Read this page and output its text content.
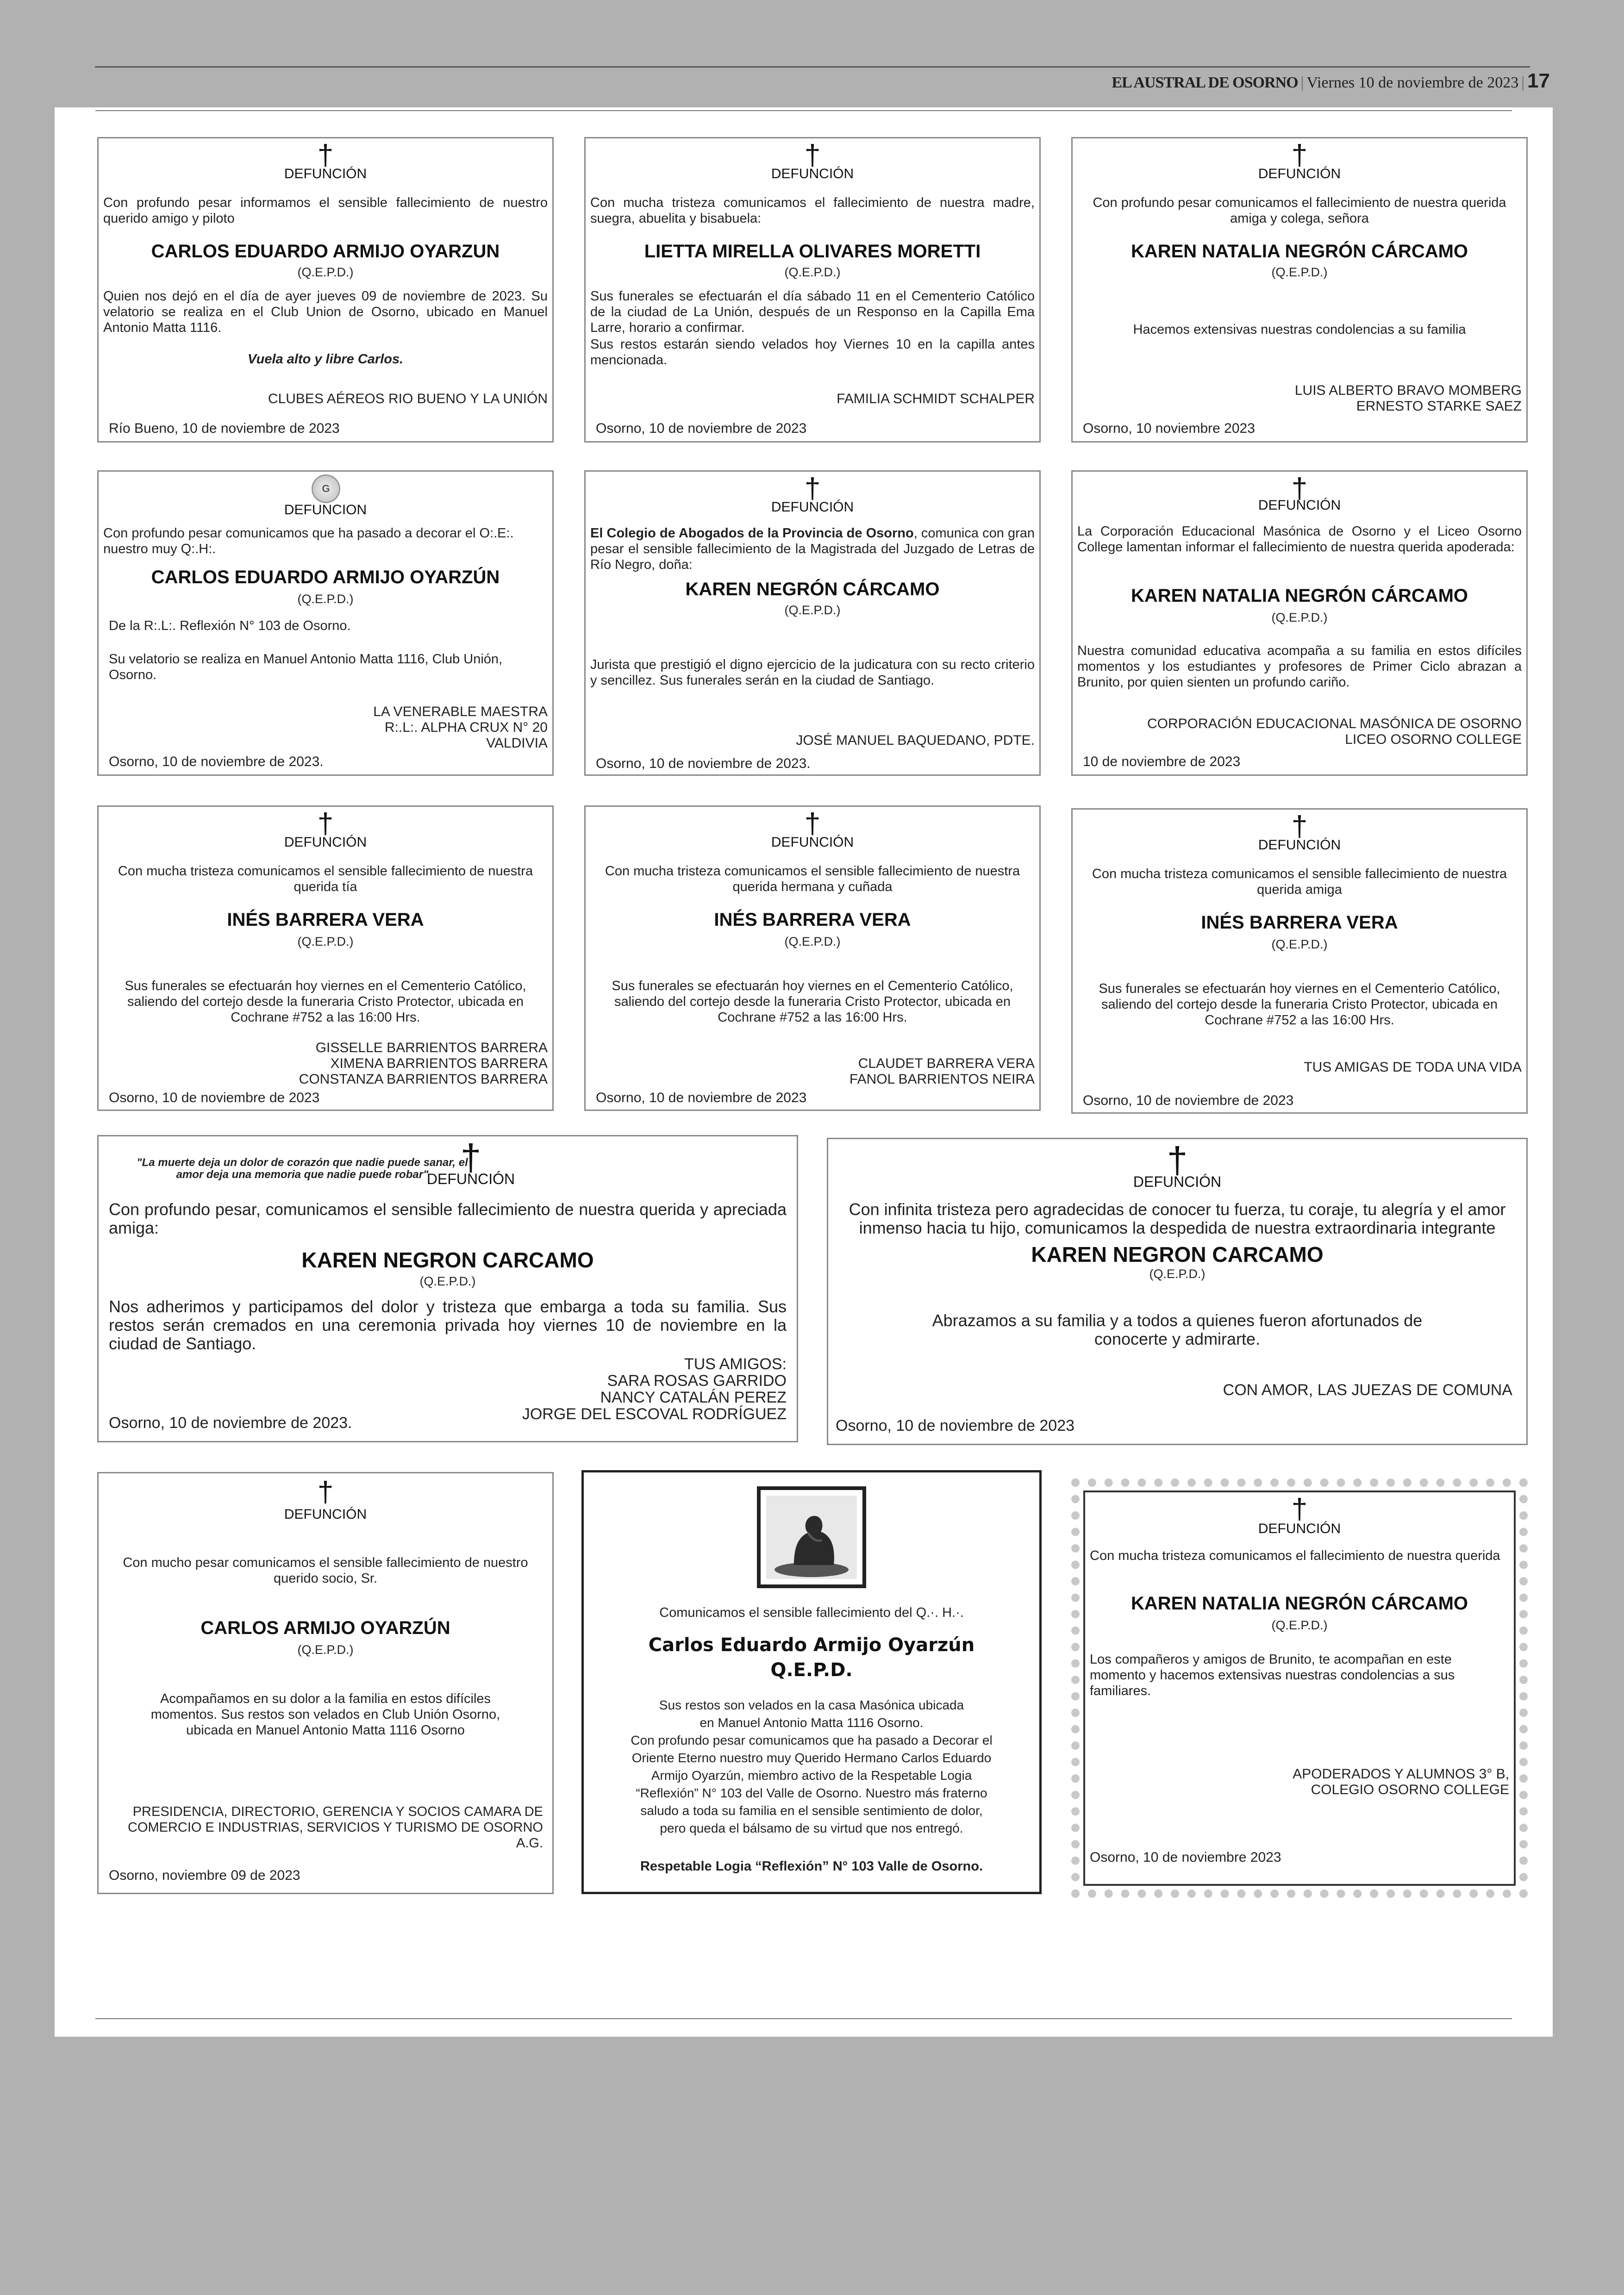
EL AUSTRAL DE OSORNO | Viernes 10 de noviembre de 2023 | 17
†
DEFUNCIÓN
Con profundo pesar informamos el sensible fallecimiento de nuestro querido amigo y piloto
CARLOS EDUARDO ARMIJO OYARZUN
(Q.E.P.D.)
Quien nos dejó en el día de ayer jueves 09 de noviembre de 2023. Su velatorio se realiza en el Club Union de Osorno, ubicado en Manuel Antonio Matta 1116.
Vuela alto y libre Carlos.
CLUBES AÉREOS RIO BUENO Y LA UNIÓN
Río Bueno, 10 de noviembre de 2023
†
DEFUNCIÓN
Con mucha tristeza comunicamos el fallecimiento de nuestra madre, suegra, abuelita y bisabuela:
LIETTA MIRELLA OLIVARES MORETTI
(Q.E.P.D.)
Sus funerales se efectuarán el día sábado 11 en el Cementerio Católico de la ciudad de La Unión, después de un Responso en la Capilla Ema Larre, horario a confirmar.
Sus restos estarán siendo velados hoy Viernes 10 en la capilla antes mencionada.
FAMILIA SCHMIDT SCHALPER
Osorno, 10 de noviembre de 2023
†
DEFUNCIÓN
Con profundo pesar comunicamos el fallecimiento de nuestra querida amiga y colega, señora
KAREN NATALIA NEGRÓN CÁRCAMO
(Q.E.P.D.)
Hacemos extensivas nuestras condolencias a su familia
LUIS ALBERTO BRAVO MOMBERG
ERNESTO STARKE SAEZ
Osorno, 10 noviembre 2023
G
DEFUNCION
Con profundo pesar comunicamos que ha pasado a decorar el O:.E:. nuestro muy Q:.H:.
CARLOS EDUARDO ARMIJO OYARZÚN
(Q.E.P.D.)
De la R:.L:. Reflexión N° 103 de Osorno.
Su velatorio se realiza en Manuel Antonio Matta 1116, Club Unión, Osorno.
LA VENERABLE MAESTRA
R:.L:. ALPHA CRUX N° 20
VALDIVIA
Osorno, 10 de noviembre de 2023.
†
DEFUNCIÓN
El Colegio de Abogados de la Provincia de Osorno, comunica con gran pesar el sensible fallecimiento de la Magistrada del Juzgado de Letras de Río Negro, doña:
KAREN NEGRÓN CÁRCAMO
(Q.E.P.D.)
Jurista que prestigió el digno ejercicio de la judicatura con su recto criterio y sencillez. Sus funerales serán en la ciudad de Santiago.
JOSÉ MANUEL BAQUEDANO, PDTE.
Osorno, 10 de noviembre de 2023.
†
DEFUNCIÓN
La Corporación Educacional Masónica de Osorno y el Liceo Osorno College lamentan informar el fallecimiento de nuestra querida apoderada:
KAREN NATALIA NEGRÓN CÁRCAMO
(Q.E.P.D.)
Nuestra comunidad educativa acompaña a su familia en estos difíciles momentos y los estudiantes y profesores de Primer Ciclo abrazan a Brunito, por quien sienten un profundo cariño.
CORPORACIÓN EDUCACIONAL MASÓNICA DE OSORNO
LICEO OSORNO COLLEGE
10 de noviembre de 2023
†
DEFUNCIÓN
Con mucha tristeza comunicamos el sensible fallecimiento de nuestra querida tía
INÉS BARRERA VERA
(Q.E.P.D.)
Sus funerales se efectuarán hoy viernes en el Cementerio Católico, saliendo del cortejo desde la funeraria Cristo Protector, ubicada en Cochrane #752 a las 16:00 Hrs.
GISSELLE BARRIENTOS BARRERA
XIMENA BARRIENTOS BARRERA
CONSTANZA BARRIENTOS BARRERA
Osorno, 10 de noviembre de 2023
†
DEFUNCIÓN
Con mucha tristeza comunicamos el sensible fallecimiento de nuestra querida hermana y cuñada
INÉS BARRERA VERA
(Q.E.P.D.)
Sus funerales se efectuarán hoy viernes en el Cementerio Católico, saliendo del cortejo desde la funeraria Cristo Protector, ubicada en Cochrane #752 a las 16:00 Hrs.
CLAUDET BARRERA VERA
FANOL BARRIENTOS NEIRA
Osorno, 10 de noviembre de 2023
†
DEFUNCIÓN
Con mucha tristeza comunicamos el sensible fallecimiento de nuestra querida amiga
INÉS BARRERA VERA
(Q.E.P.D.)
Sus funerales se efectuarán hoy viernes en el Cementerio Católico, saliendo del cortejo desde la funeraria Cristo Protector, ubicada en Cochrane #752 a las 16:00 Hrs.
TUS AMIGAS DE TODA UNA VIDA
Osorno, 10 de noviembre de 2023
"La muerte deja un dolor de corazón que nadie puede sanar, el amor deja una memoria que nadie puede robar" †
DEFUNCIÓN
Con profundo pesar, comunicamos el sensible fallecimiento de nuestra querida y apreciada amiga:
KAREN NEGRON CARCAMO
(Q.E.P.D.)
Nos adherimos y participamos del dolor y tristeza que embarga a toda su familia. Sus restos serán cremados en una ceremonia privada hoy viernes 10 de noviembre en la ciudad de Santiago.
TUS AMIGOS:
SARA ROSAS GARRIDO
NANCY CATALÁN PEREZ
JORGE DEL ESCOVAL RODRÍGUEZ
Osorno, 10 de noviembre de 2023.
†
DEFUNCIÓN
Con infinita tristeza pero agradecidas de conocer tu fuerza, tu coraje, tu alegría y el amor inmenso hacia tu hijo, comunicamos la despedida de nuestra extraordinaria integrante
KAREN NEGRON CARCAMO
(Q.E.P.D.)
Abrazamos a su familia y a todos a quienes fueron afortunados de conocerte y admirarte.
CON AMOR, LAS JUEZAS DE COMUNA
Osorno, 10 de noviembre de 2023
†
DEFUNCIÓN
Con mucho pesar comunicamos el sensible fallecimiento de nuestro querido socio, Sr.
CARLOS ARMIJO OYARZÚN
(Q.E.P.D.)
Acompañamos en su dolor a la familia en estos difíciles momentos. Sus restos son velados en Club Unión Osorno, ubicada en Manuel Antonio Matta 1116 Osorno
PRESIDENCIA, DIRECTORIO, GERENCIA Y SOCIOS CAMARA DE COMERCIO E INDUSTRIAS, SERVICIOS Y TURISMO DE OSORNO A.G.
Osorno, noviembre 09 de 2023
Comunicamos el sensible fallecimiento del Q.·. H.·.
Carlos Eduardo Armijo Oyarzún
Q.E.P.D.
Sus restos son velados en la casa Masónica ubicada
en Manuel Antonio Matta 1116 Osorno.
Con profundo pesar comunicamos que ha pasado a Decorar el
Oriente Eterno nuestro muy Querido Hermano Carlos Eduardo
Armijo Oyarzún, miembro activo de la Respetable Logia
“Reflexión” N° 103 del Valle de Osorno. Nuestro más fraterno
saludo a toda su familia en el sensible sentimiento de dolor,
pero queda el bálsamo de su virtud que nos entregó.
Respetable Logia “Reflexión” N° 103 Valle de Osorno.
†
DEFUNCIÓN
Con mucha tristeza comunicamos el fallecimiento de nuestra querida
KAREN NATALIA NEGRÓN CÁRCAMO
(Q.E.P.D.)
Los compañeros y amigos de Brunito, te acompañan en este momento y hacemos extensivas nuestras condolencias a sus familiares.
APODERADOS Y ALUMNOS 3° B,
COLEGIO OSORNO COLLEGE
Osorno, 10 de noviembre 2023
